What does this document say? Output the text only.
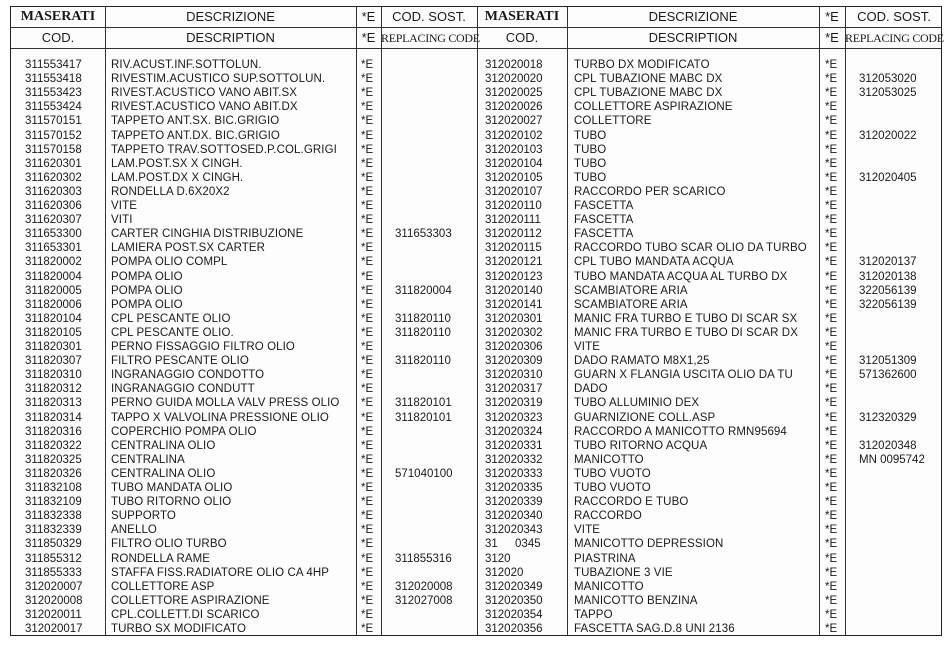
MASERATI	DESCRIZIONE	*E	COD. SOST.	MASERATI	DESCRIZIONE	*E	COD. SOST.
COD.	DESCRIPTION	*E REPLACING CODE	COD.	DESCRIPTION	*E REPLACING CODE
311553417	RIV.ACUST.INF.SOTTOLUN.	*E
311553418	RIVESTIM.ACUSTICO SUP.SOTTOLUN.	*E
311553423	RIVEST.ACUSTICO VANO ABIT.SX	*E
311553424	RIVEST.ACUSTICO VANO ABIT.DX	*E
311570151	TAPPETO ANT.SX. BIC.GRIGIO	*E
311570152	TAPPETO ANT.DX. BIC.GRIGIO	*E
311570158	TAPPETO TRAV.SOTTOSED.P.COL.GRIGI *E
311620301	LAM.POST.SX X CINGH.	*E
311620302	LAM.POST.DX X CINGH.	*E
311620303	RONDELLA D.6X20X2	*E
311620306	VITE	*E
311620307	VITI	*E
311653300	CARTER CINGHIA DISTRIBUZIONE	*E 311653303
311653301	LAMIERA POST.SX CARTER	*E
311820002	POMPA OLIO COMPL	*E
311820004	POMPA OLIO	*E
311820005	POMPA OLIO	*E 311820004
311820006	POMPA OLIO	*E
311820104	CPL PESCANTE OLIO	*E 311820110
311820105	CPL PESCANTE OLIO.	*E 311820110
311820301	PERNO FISSAGGIO FILTRO OLIO	*E
311820307	FILTRO PESCANTE OLIO	*E 311820110
311820310	INGRANAGGIO CONDOTTO	*E
311820312	INGRANAGGIO CONDUTT	*E
311820313	PERNO GUIDA MOLLA VALV PRESS OLIO *E 311820101
311820314	TAPPO X VALVOLINA PRESSIONE OLIO	*E 311820101
311820316	COPERCHIO POMPA OLIO	*E
311820322	CENTRALINA OLIO	*E
311820325	CENTRALINA	*E
311820326	CENTRALINA OLIO	*E 571040100
311832108	TUBO MANDATA OLIO	*E
311832109	TUBO RITORNO OLIO	*E
311832338	SUPPORTO	*E
311832339	ANELLO	*E
311850329	FILTRO OLIO TURBO	*E
311855312	RONDELLA RAME	*E 311855316
311855333	STAFFA FISS.RADIATORE OLIO CA 4HP	*E
312020007 COLLETTORE ASP	*E 312020008
312020008 COLLETTORE ASPIRAZIONE	*E 312027008
312020011	CPL.COLLETT.DI SCARICO	*E
312020017 TURBO SX MODIFICATO	*E
312020018	TURBO DX MODIFICATO	*E
312020020	CPL TUBAZIONE MABC DX	*E 312053020
312020025	CPL TUBAZIONE MABC DX	*E 312053025
312020026	COLLETTORE ASPIRAZIONE	*E
312020027	COLLETTORE	*E
312020102	TUBO	*E 312020022
312020103	TUBO	*E
312020104	TUBO	*E
312020105	TUBO	*E 312020405
312020107	RACCORDO PER SCARICO	*E
312020110	FASCETTA	*E
312020111	FASCETTA	*E
312020112	FASCETTA	*E
312020115	RACCORDO TUBO SCAR OLIO DA TURBO *E
312020121	CPL TUBO MANDATA ACQUA	*E 312020137
312020123	TUBO MANDATA ACQUA AL TURBO DX	*E 312020138
312020140	SCAMBIATORE ARIA	*E 322056139
312020141	SCAMBIATORE ARIA	*E 322056139
312020301	MANIC FRA TURBO E TUBO DI SCAR SX *E
312020302	MANIC FRA TURBO E TUBO DI SCAR DX *E
312020306	VITE	*E
312020309	DADO RAMATO M8X1,25	*E 312051309
312020310	GUARN X FLANGIA USCITA OLIO DA TU	*E 571362600
312020317	DADO	*E
312020319	TUBO ALLUMINIO DEX	*E
312020323	GUARNIZIONE COLL.ASP	*E 312320329
312020324	RACCORDO A MANICOTTO RMN95694	*E
312020331	TUBO RITORNO ACQUA	*E 312020348
312020332	MANICOTTO	*E MN 0095742
312020333	TUBO VUOTO	*E
312020335	TUBO VUOTO	*E
312020339	RACCORDO E TUBO	*E
312020340	RACCORDO	*E
312020343	VITE	*E
31   0345	MANICOTTO DEPRESSION	*E
3120   	PIASTRINA	*E
312020  	TUBAZIONE 3 VIE	*E
312020349	MANICOTTO	*E
312020350	MANICOTTO BENZINA	*E
312020354	TAPPO	*E
312020356	FASCETTA SAG.D.8 UNI 2136	*E
